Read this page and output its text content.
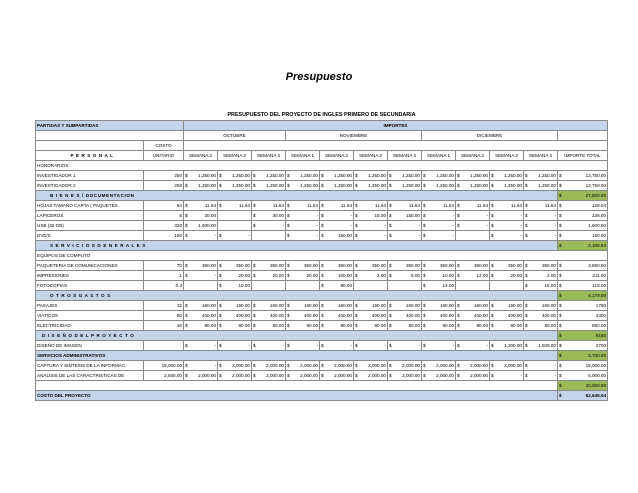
Presupuesto
PRESUPUESTO DEL PROYECTO DE INGLES PRIMERO DE SECUNDARIA													
PARTIDAS Y SUBPARTIDAS		IMPORTES											
		OCTUBRE			NOVIEMBRE				DICIEMBRE				
	COSTO												
P E R S O N A L	UNITARIO	SEMANA 2	SEMANA 3	SEMANA 4	SEMANA 1	SEMANA 2	SEMANA 3	SEMANA 4	SEMANA 1	SEMANA 2	SEMANA 3	SEMANA 4	IMPORTE TOTAL
HONORARIOS:													
INVESTIGADOR 1	250	$ 1,250.00	$ 1,250.00	$ 1,250.00	$ 1,250.00	$ 1,250.00	$ 1,250.00	$ 1,250.00	$ 1,250.00	$ 1,250.00	$ 1,250.00	$ 1,250.00	$ 13,750.00

INVESTIGADOR 2	250	$ 1,250.00	$ 1,250.00	$ 1,250.00	$ 1,250.00	$ 1,250.00	$ 1,250.00	$ 1,250.00	$ 1,250.00	$ 1,250.00	$ 1,250.00	$ 1,250.00	$ 13,750.00

B I E N E S / DOCUMENTACION													$ 27,500.00

HOJAS TAMAÑO CARTA ( PAQUETES .	64	$ 11.64	$ 11.64	$ 11.64	$ 11.64	$ 11.64	$ 11.64	$ 11.64	$ 11.64	$ 11.64	$ 11.64	$ 11.64	$ 128.04

LAPICEROS	6	$ 30.00		$ 30.00	$ -	$ -	$ 18.00	$ 150.00	$ -	$ -	$ -	$ -	$ 228.00

USB (32 GB)	320	$ 1,600.00		$ -	$ -	$ -	$ -	$ -	$ -	$ -	$ -	$ -	$ 1,600.00

DVD'S	150	$ -	$ -		$ -	$ 150.00	$ -	$ -	$ -		$ -	$ -	$ 150.00

S E R V I C I O S G E N E R A L E S													$ 2,106.04

EQUIPOS DE COMPUTO													
PAQUETERIA DE COMUNICACIONES	70	$ 350.00	$ 350.00	$ 350.00	$ 350.00	$ 350.00	$ 350.00	$ 350.00	$ 350.00	$ 350.00	$ 350.00	$ 350.00	$ 3,850.00

IMPRESIONES	1	$ -	$ 20.00	$ 20.00	$ 20.00	$ 100.00	$ 2.00	$ 5.00	$ 10.00	$ 12.00	$ 20.00	$ 2.00	$ 211.00

FOTOCOPIAS	0.3		$ 10.00			$ 80.00			$ 13.00			$ 15.00	$ 118.00

O T R O S G A S T O S													$ 4,179.00

PASAJES	32	$ 160.00	$ 160.00	$ 160.00	$ 160.00	$ 160.00	$ 160.00	$ 160.00	$ 160.00	$ 160.00	$ 160.00	$ 160.00	$ 1760

VIATICOS	80	$ 400.00	$ 400.00	$ 400.00	$ 400.00	$ 400.00	$ 400.00	$ 400.00	$ 400.00	$ 400.00	$ 400.00	$ 400.00	$ 4400

ELECTRICIDAD	16	$ 80.00	$ 80.00	$ 80.00	$ 80.00	$ 80.00	$ 80.00	$ 80.00	$ 80.00	$ 80.00	$ 80.00	$ 80.00	$ 880.00

D I S E Ñ O D E L P R O Y E C T O													$ 6160

DISEÑO DE IMAGEN		$ -	$ -	$ -	$ -	$ -	$ -	$ -	$ -	$ -	$ 1,200.00	$ 1,500.00	$ 2700

SERVICIOS ADMINISTRATIVOS													$ 2,700.00

CAPTURA Y SINTESIS DE LA INFORMAC	15,000.00	$ -	$ 2,000.00	$ 2,000.00	$ 2,000.00	$ 2,000.00	$ 2,000.00	$ 2,000.00	$ 2,000.00	$ 2,000.00	$ 2,000.00	$ -	$ 15,000.00

ANALISIS DE LAS CARACTRISTICAS DE	2,500.00	$ 2,000.00	$ 2,000.00	$ 2,000.00	$ 2,000.00	$ 2,000.00	$ 2,000.00	$ 2,000.00	$ 2,000.00	$ 2,000.00	$ -	$ -	$ 5,000.00

													$ 20,000.00

COSTO DEL PROYECTO													$ 62,645.04
